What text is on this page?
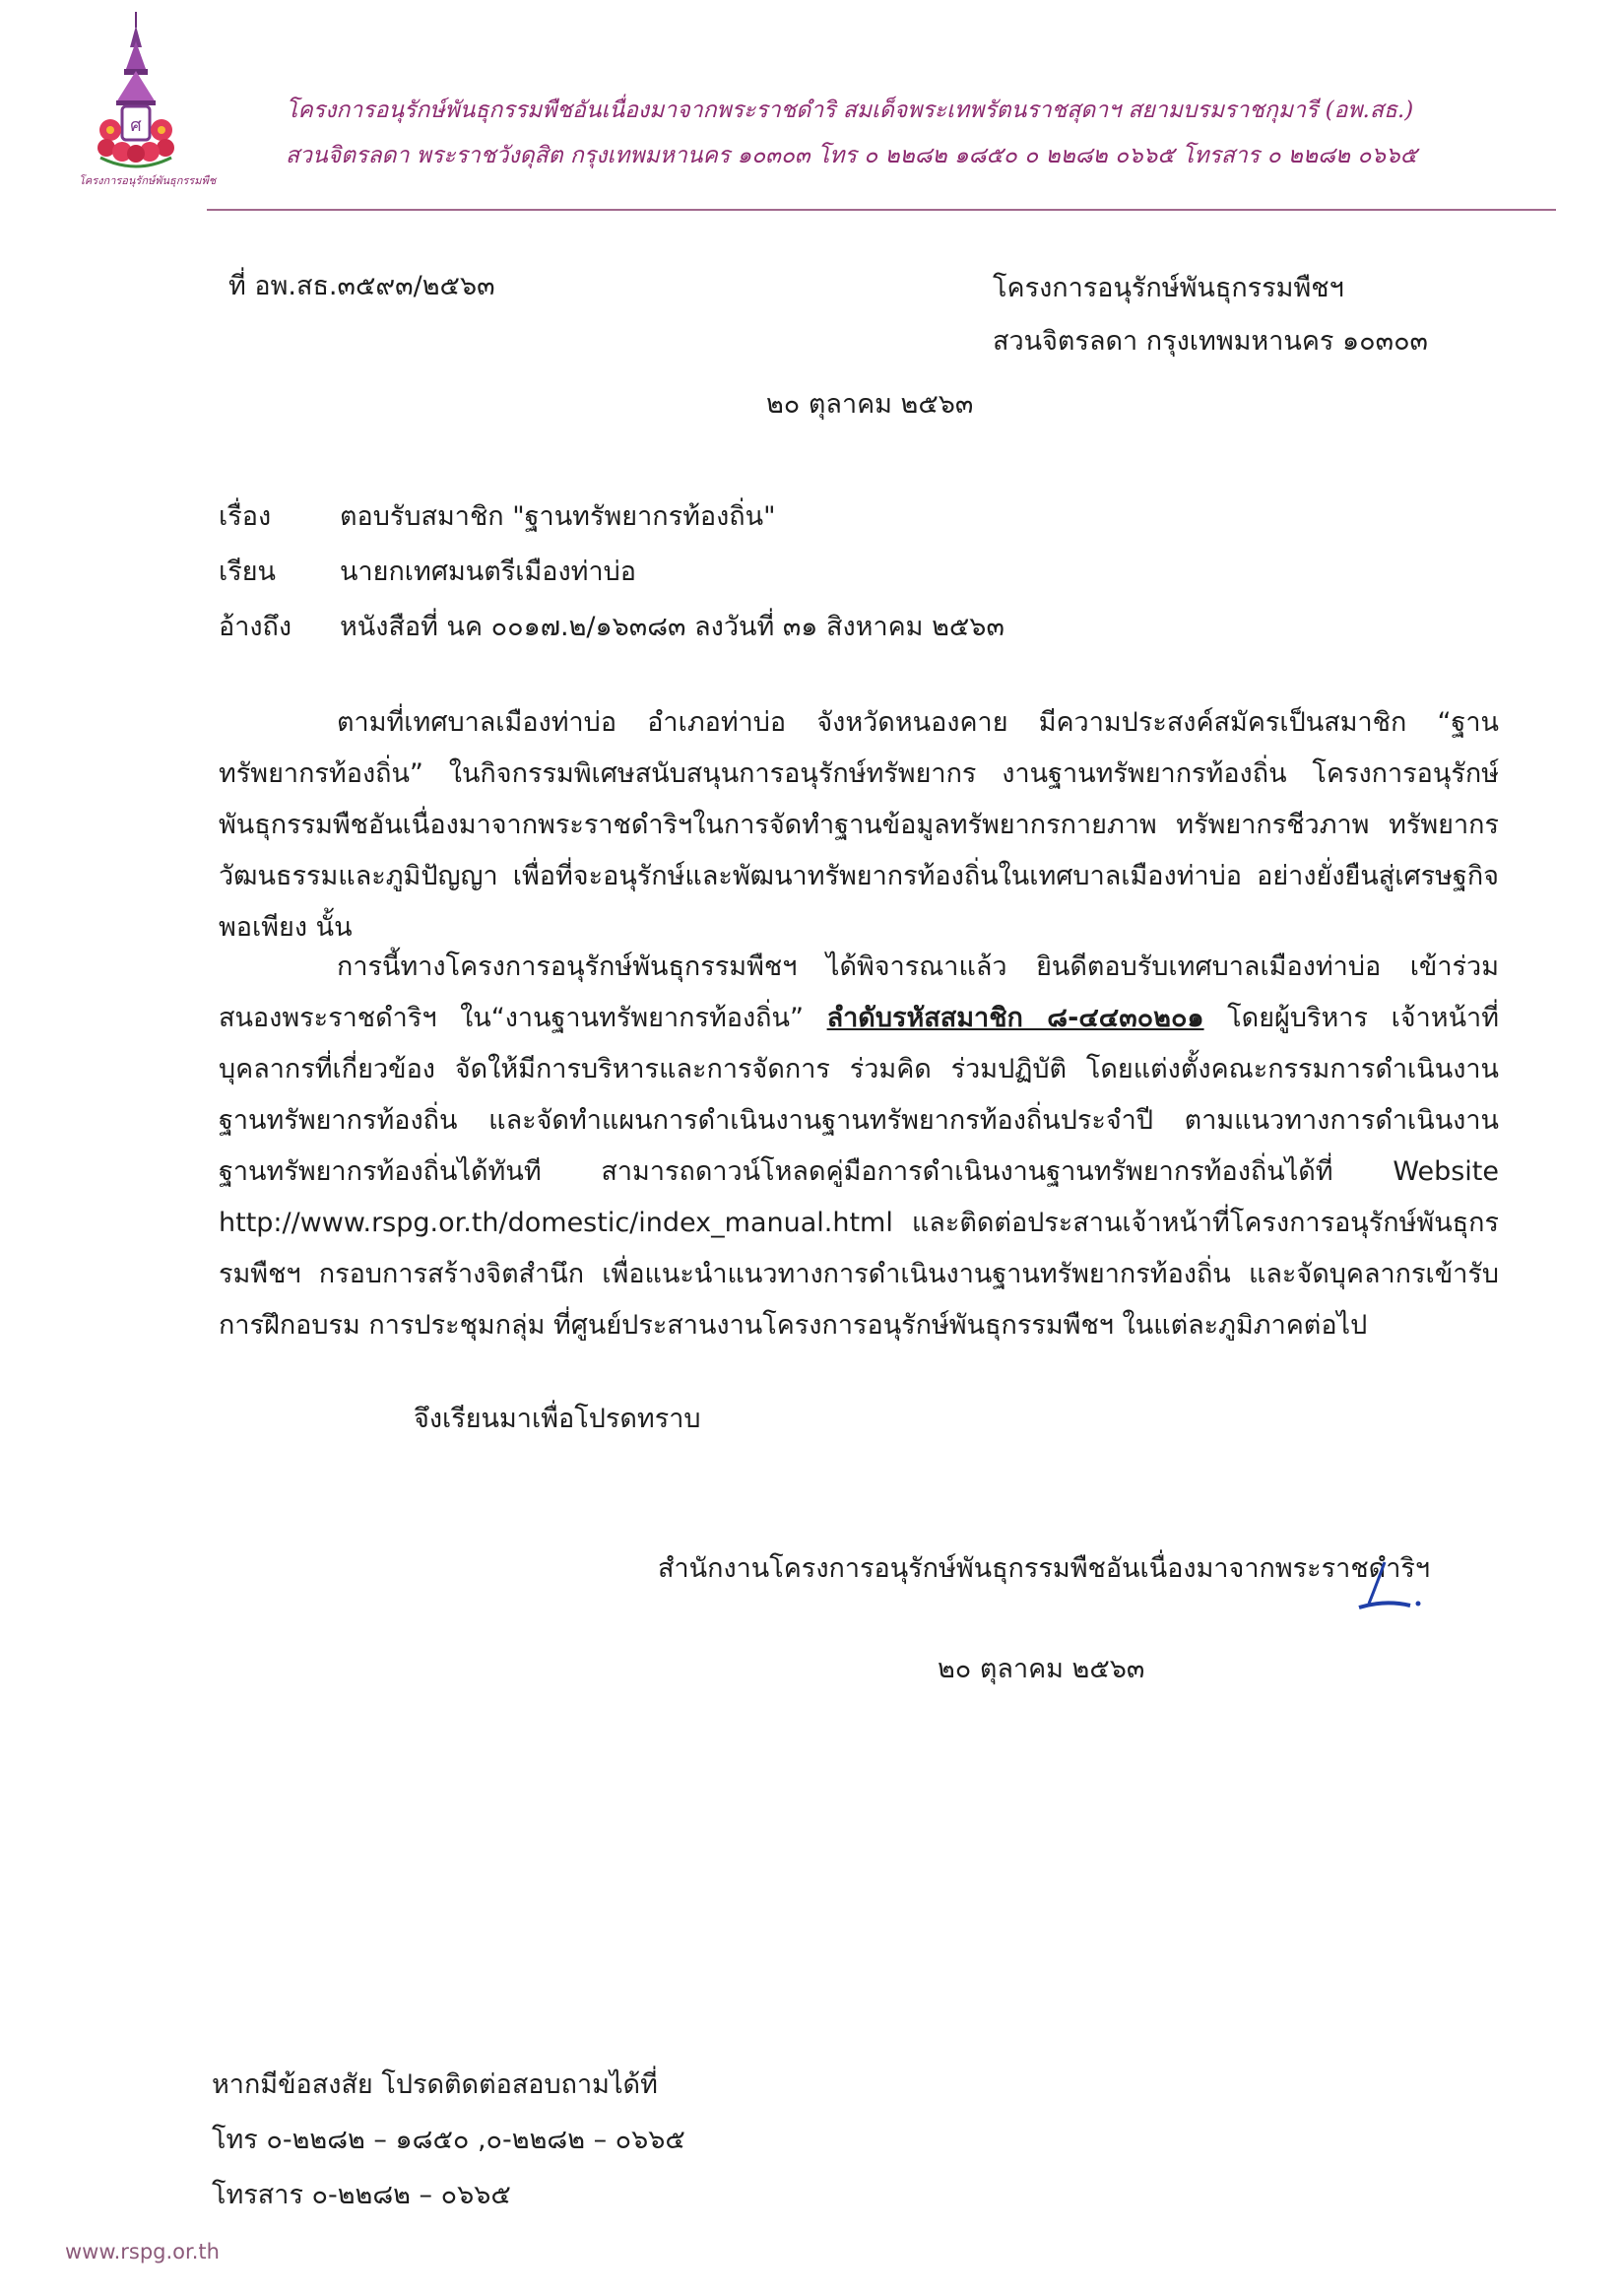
ศ
โครงการอนุรักษ์พันธุกรรมพืช
โครงการอนุรักษ์พันธุกรรมพืชอันเนื่องมาจากพระราชดำริ สมเด็จพระเทพรัตนราชสุดาฯ สยามบรมราชกุมารี (อพ.สธ.)
สวนจิตรลดา พระราชวังดุสิต กรุงเทพมหานคร ๑๐๓๐๓ โทร ๐ ๒๒๘๒ ๑๘๕๐ ๐ ๒๒๘๒ ๐๖๖๕ โทรสาร ๐ ๒๒๘๒ ๐๖๖๕
ที่ อพ.สธ.๓๕๙๓/๒๕๖๓	โครงการอนุรักษ์พันธุกรรมพืชฯ
สวนจิตรลดา กรุงเทพมหานคร ๑๐๓๐๓
๒๐ ตุลาคม ๒๕๖๓
เรื่อง	ตอบรับสมาชิก "ฐานทรัพยากรท้องถิ่น"
เรียน นายกเทศมนตรีเมืองท่าบ่อ
อ้างถึง หนังสือที่ นค ๐๐๑๗.๒/๑๖๓๘๓ ลงวันที่ ๓๑ สิงหาคม ๒๕๖๓
ตามที่เทศบาลเมืองท่าบ่อ อำเภอท่าบ่อ จังหวัดหนองคาย มีความประสงค์สมัครเป็นสมาชิก “ฐานทรัพยากรท้องถิ่น” ในกิจกรรมพิเศษสนับสนุนการอนุรักษ์ทรัพยากร งานฐานทรัพยากรท้องถิ่น โครงการอนุรักษ์พันธุกรรมพืชอันเนื่องมาจากพระราชดำริฯในการจัดทำฐานข้อมูลทรัพยากรกายภาพ ทรัพยากรชีวภาพ ทรัพยากรวัฒนธรรมและภูมิปัญญา เพื่อที่จะอนุรักษ์และพัฒนาทรัพยากรท้องถิ่นในเทศบาลเมืองท่าบ่อ อย่างยั่งยืนสู่เศรษฐกิจพอเพียง นั้น
การนี้ทางโครงการอนุรักษ์พันธุกรรมพืชฯ ได้พิจารณาแล้ว ยินดีตอบรับเทศบาลเมืองท่าบ่อ เข้าร่วมสนองพระราชดำริฯ ใน“งานฐานทรัพยากรท้องถิ่น” ลำดับรหัสสมาชิก ๘-๔๔๓๐๒๐๑ โดยผู้บริหาร เจ้าหน้าที่ บุคลากรที่เกี่ยวข้อง จัดให้มีการบริหารและการจัดการ ร่วมคิด ร่วมปฏิบัติ โดยแต่งตั้งคณะกรรมการดำเนินงานฐานทรัพยากรท้องถิ่น และจัดทำแผนการดำเนินงานฐานทรัพยากรท้องถิ่นประจำปี ตามแนวทางการดำเนินงานฐานทรัพยากรท้องถิ่นได้ทันที สามารถดาวน์โหลดคู่มือการดำเนินงานฐานทรัพยากรท้องถิ่นได้ที่ Website http://www.rspg.or.th/domestic/index_manual.html และติดต่อประสานเจ้าหน้าที่โครงการอนุรักษ์พันธุกรรมพืชฯ กรอบการสร้างจิตสำนึก เพื่อแนะนำแนวทางการดำเนินงานฐานทรัพยากรท้องถิ่น และจัดบุคลากรเข้ารับการฝึกอบรม การประชุมกลุ่ม ที่ศูนย์ประสานงานโครงการอนุรักษ์พันธุกรรมพืชฯ ในแต่ละภูมิภาคต่อไป
จึงเรียนมาเพื่อโปรดทราบ
สำนักงานโครงการอนุรักษ์พันธุกรรมพืชอันเนื่องมาจากพระราชดำริฯ
๒๐ ตุลาคม ๒๕๖๓
หากมีข้อสงสัย โปรดติดต่อสอบถามได้ที่
โทร ๐-๒๒๘๒ – ๑๘๕๐ ,๐-๒๒๘๒ – ๐๖๖๕
โทรสาร ๐-๒๒๘๒ – ๐๖๖๕
www.rspg.or.th
